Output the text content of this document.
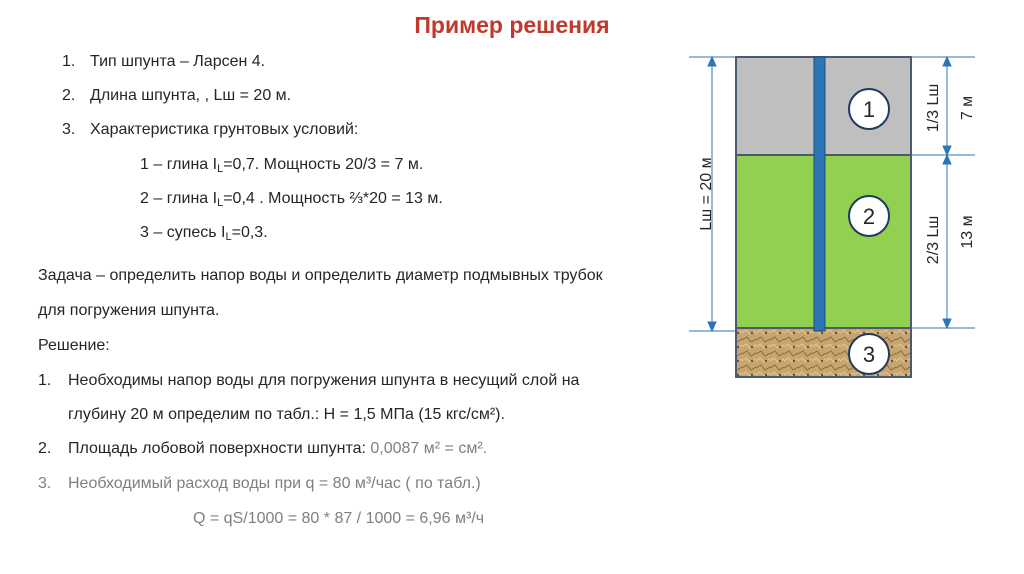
Пример решения
1. Тип шпунта – Ларсен 4.
2. Длина шпунта, , Lш = 20 м.
3. Характеристика грунтовых условий:
1 – глина $I_L=0,7$. Мощность 20/3 = 7 м.
2 – глина $I_L=0,4$ . Мощность ⅔*20 = 13 м.
3 – супесь $I_L=0,3$.
Задача – определить напор воды и определить диаметр подмывных трубок
для погружения шпунта.
Решение:
1. Необходимы напор воды для погружения шпунта в несущий слой на
глубину 20 м определим по табл.: H = 1,5 МПа (15 кгс/см²).
2. Площадь лобовой поверхности шпунта: 0,0087 м² = см².
3. Необходимый расход воды при q = 80 м³/час ( по табл.)
Q = qS/1000 = 80 * 87 / 1000 = 6,96 м³/ч
1
2
3
Lш = 20 м
1/3 Lш 7 м
2/3 Lш 13 м
